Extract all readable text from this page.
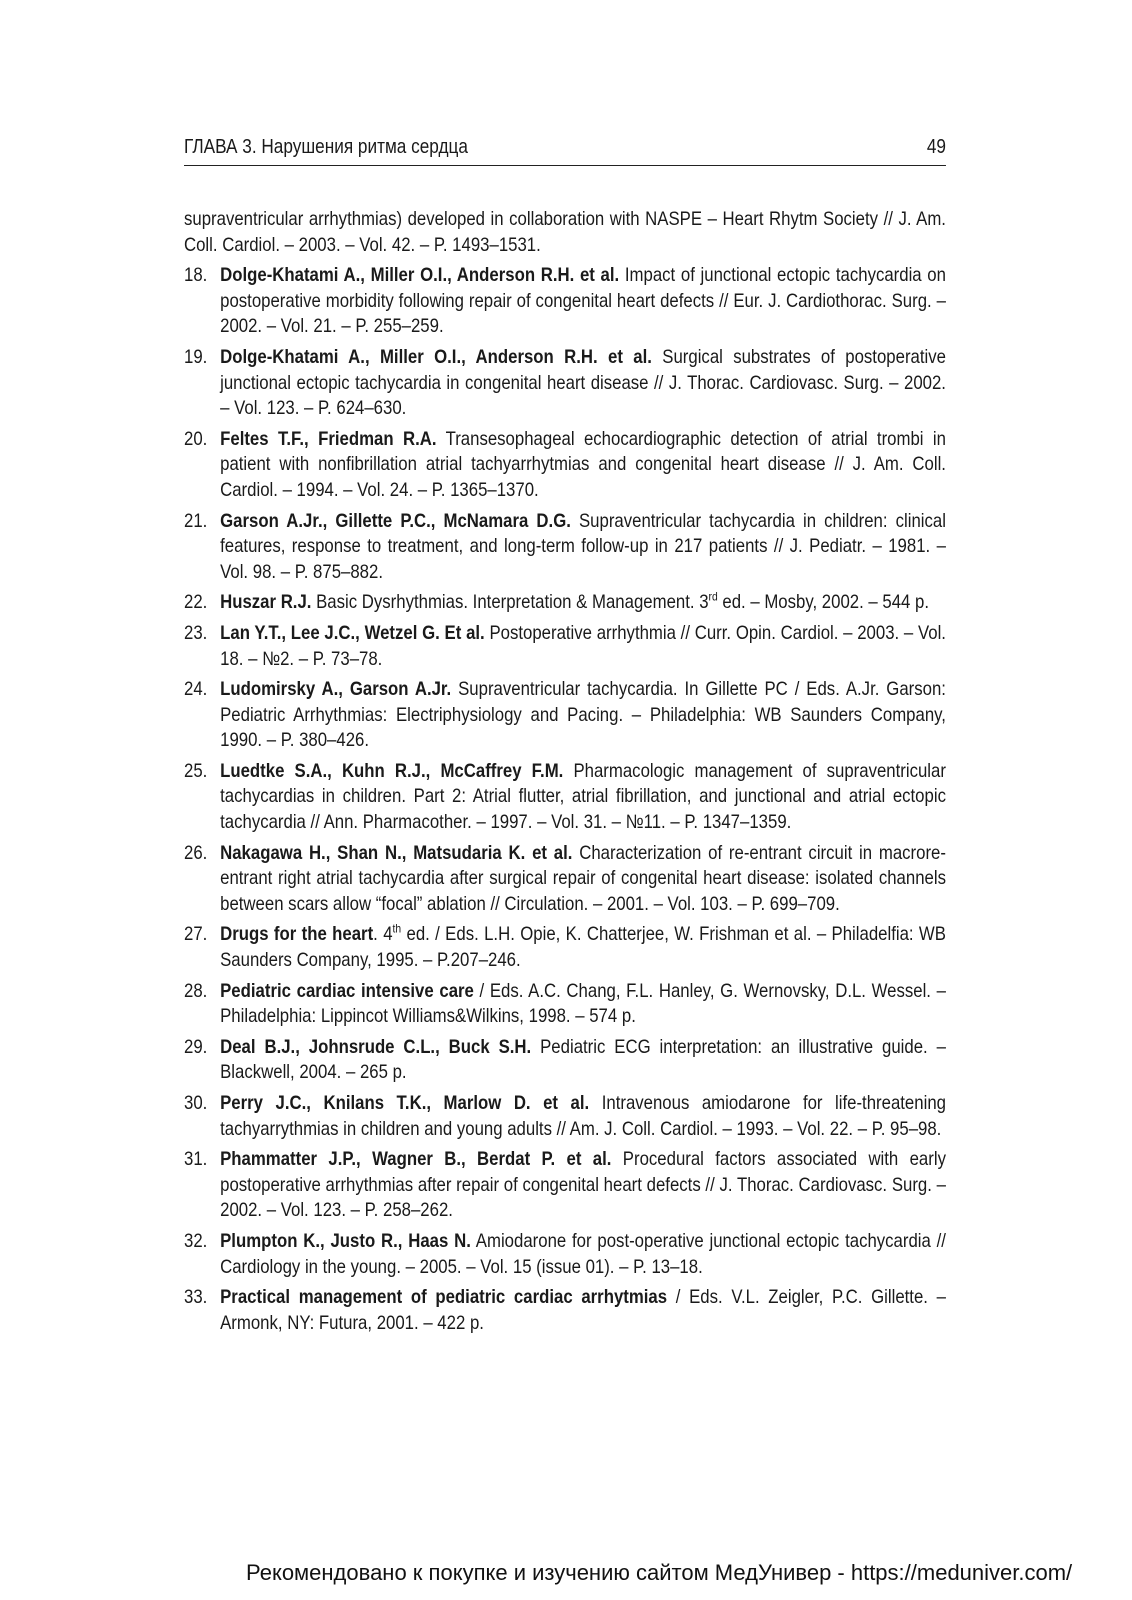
ГЛАВА 3. Нарушения ритма сердца	49
supraventricular arrhythmias) developed in collaboration with NASPE – Heart Rhytm Society // J. Am. Coll. Cardiol. – 2003. – Vol. 42. – P. 1493–1531.
18. Dolge-Khatami A., Miller O.I., Anderson R.H. et al. Impact of junctional ectopic tachycardia on postoperative morbidity following repair of congenital heart defects // Eur. J. Cardiothorac. Surg. – 2002. – Vol. 21. – P. 255–259.
19. Dolge-Khatami A., Miller O.I., Anderson R.H. et al. Surgical substrates of postoperative junctional ectopic tachycardia in congenital heart disease // J. Thorac. Cardiovasc. Surg. – 2002. – Vol. 123. – P. 624–630.
20. Feltes T.F., Friedman R.A. Transesophageal echocardiographic detection of atrial trombi in patient with nonfibrillation atrial tachyarrhytmias and congenital heart disease // J. Am. Coll. Cardiol. – 1994. – Vol. 24. – P. 1365–1370.
21. Garson A.Jr., Gillette P.C., McNamara D.G. Supraventricular tachycardia in children: clinical features, response to treatment, and long-term follow-up in 217 patients // J. Pediatr. – 1981. – Vol. 98. – P. 875–882.
22. Huszar R.J. Basic Dysrhythmias. Interpretation & Management. 3rd ed. – Mosby, 2002. – 544 p.
23. Lan Y.T., Lee J.C., Wetzel G. Et al. Postoperative arrhythmia // Curr. Opin. Cardiol. – 2003. – Vol. 18. – №2. – P. 73–78.
24. Ludomirsky A., Garson A.Jr. Supraventricular tachycardia. In Gillette PC / Eds. A.Jr. Garson: Pediatric Arrhythmias: Electriphysiology and Pacing. – Philadelphia: WB Saunders Company, 1990. – P. 380–426.
25. Luedtke S.A., Kuhn R.J., McCaffrey F.M. Pharmacologic management of supraventricular tachycardias in children. Part 2: Atrial flutter, atrial fibrillation, and junctional and atrial ectopic tachycardia // Ann. Pharmacother. – 1997. – Vol. 31. – №11. – P. 1347–1359.
26. Nakagawa H., Shan N., Matsudaria K. et al. Characterization of re-entrant circuit in macrore-entrant right atrial tachycardia after surgical repair of congenital heart disease: isolated channels between scars allow “focal” ablation // Circulation. – 2001. – Vol. 103. – P. 699–709.
27. Drugs for the heart. 4th ed. / Eds. L.H. Opie, K. Chatterjee, W. Frishman et al. – Philadelfia: WB Saunders Company, 1995. – P.207–246.
28. Pediatric cardiac intensive care / Eds. A.C. Chang, F.L. Hanley, G. Wernovsky, D.L. Wessel. – Philadelphia: Lippincot Williams&Wilkins, 1998. – 574 p.
29. Deal B.J., Johnsrude C.L., Buck S.H. Pediatric ECG interpretation: an illustrative guide. – Blackwell, 2004. – 265 p.
30. Perry J.C., Knilans T.K., Marlow D. et al. Intravenous amiodarone for life-threatening tachyarrythmias in children and young adults // Am. J. Coll. Cardiol. – 1993. – Vol. 22. – P. 95–98.
31. Phammatter J.P., Wagner B., Berdat P. et al. Procedural factors associated with early postoperative arrhythmias after repair of congenital heart defects // J. Thorac. Cardiovasc. Surg. – 2002. – Vol. 123. – P. 258–262.
32. Plumpton K., Justo R., Haas N. Amiodarone for post-operative junctional ectopic tachycardia // Cardiology in the young. – 2005. – Vol. 15 (issue 01). – P. 13–18.
33. Practical management of pediatric cardiac arrhytmias / Eds. V.L. Zeigler, P.C. Gillette. – Armonk, NY: Futura, 2001. – 422 p.
Рекомендовано к покупке и изучению сайтом МедУнивер - https://meduniver.com/
